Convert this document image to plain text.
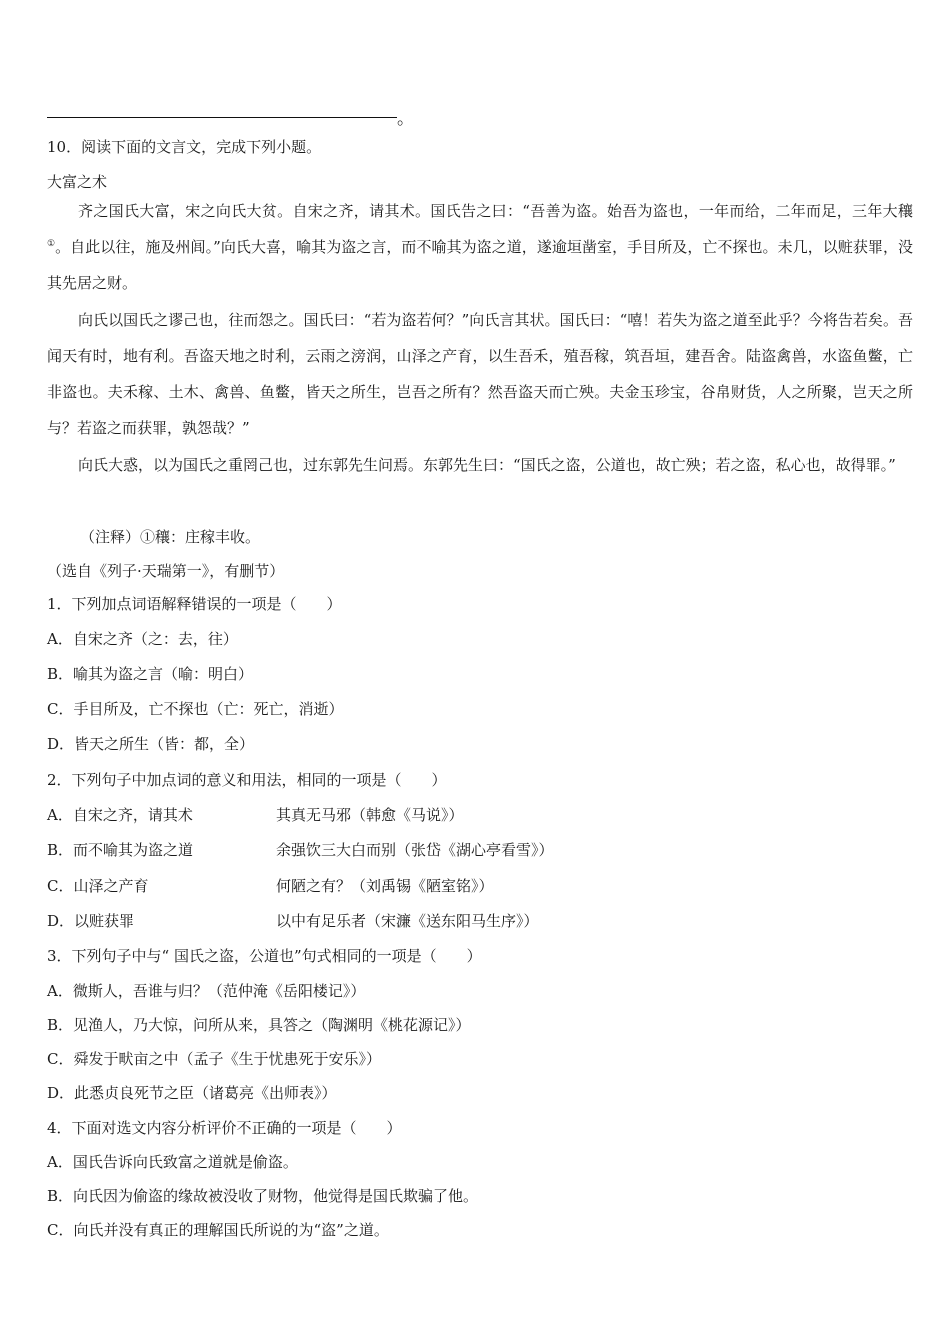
。
10．阅读下面的文言文，完成下列小题。
大富之术

齐之国氏大富，宋之向氏大贫。自宋之齐，请其术。国氏告之曰：“吾善为盗。始吾为盗也，一年而给，二年而足，三年大穰①。自此以往，施及州闾。”向氏大喜，喻其为盗之言，而不喻其为盗之道，遂逾垣凿室，手目所及，亡不探也。未几，以赃获罪，没其先居之财。

向氏以国氏之谬己也，往而怨之。国氏曰：“若为盗若何？”向氏言其状。国氏曰：“嘻！若失为盗之道至此乎？今将告若矣。吾闻天有时，地有利。吾盗天地之时利，云雨之滂润，山泽之产育，以生吾禾，殖吾稼，筑吾垣，建吾舍。陆盗禽兽，水盗鱼鳖，亡非盗也。夫禾稼、土木、禽兽、鱼鳖，皆天之所生，岂吾之所有？然吾盗天而亡殃。夫金玉珍宝，谷帛财货，人之所聚，岂天之所与？若盗之而获罪，孰怨哉？”

向氏大惑，以为国氏之重罔己也，过东郭先生问焉。东郭先生曰：“国氏之盗，公道也，故亡殃；若之盗，私心也，故得罪。”

（注释）①穰：庄稼丰收。
（选自《列子·天瑞第一》，有删节）
1．下列加点词语解释错误的一项是（　　）
A．自宋之齐（之：去，往）
B．喻其为盗之言（喻：明白）
C．手目所及，亡不探也（亡：死亡，消逝）
D．皆天之所生（皆：都，全）
2．下列句子中加点词的意义和用法，相同的一项是（　　）
A．自宋之齐，请其术	其真无马邪（韩愈《马说》）
B．而不喻其为盗之道	余强饮三大白而别（张岱《湖心亭看雪》）
C．山泽之产育	何陋之有？（刘禹锡《陋室铭》）
D．以赃获罪	以中有足乐者（宋濂《送东阳马生序》）
3．下列句子中与“ 国氏之盗，公道也”句式相同的一项是（　　）
A．微斯人，吾谁与归？（范仲淹《岳阳楼记》）
B．见渔人，乃大惊，问所从来，具答之（陶渊明《桃花源记》）
C．舜发于畎亩之中（孟子《生于忧患死于安乐》）
D．此悉贞良死节之臣（诸葛亮《出师表》）
4．下面对选文内容分析评价不正确的一项是（　　）
A．国氏告诉向氏致富之道就是偷盗。
B．向氏因为偷盗的缘故被没收了财物，他觉得是国氏欺骗了他。
C．向氏并没有真正的理解国氏所说的为“盗”之道。
